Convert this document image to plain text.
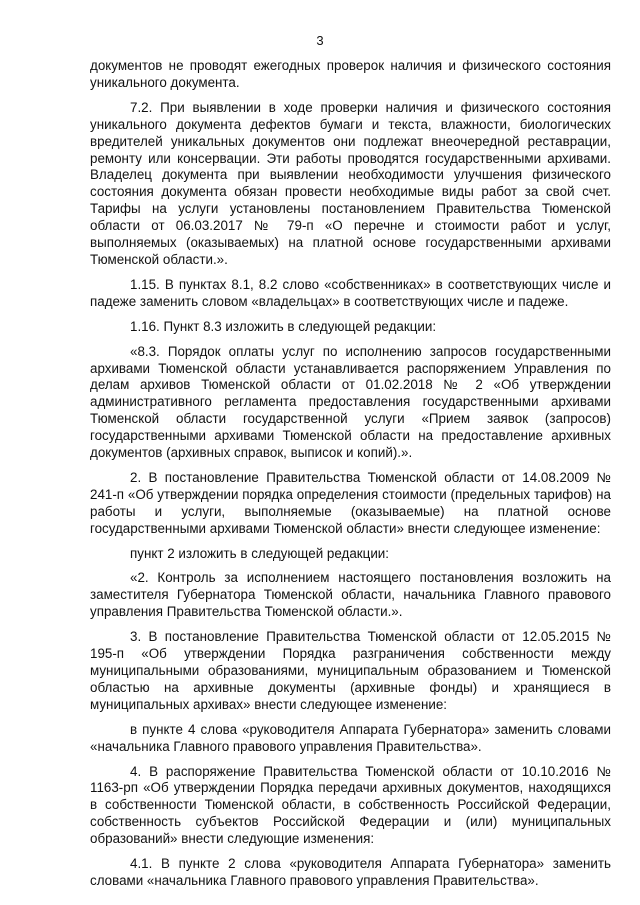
3

документов не проводят ежегодных проверок наличия и физического состояния уникального документа.

7.2. При выявлении в ходе проверки наличия и физического состояния уникального документа дефектов бумаги и текста, влажности, биологических вредителей уникальных документов они подлежат внеочередной реставрации, ремонту или консервации. Эти работы проводятся государственными архивами. Владелец документа при выявлении необходимости улучшения физического состояния документа обязан провести необходимые виды работ за свой счет. Тарифы на услуги установлены постановлением Правительства Тюменской области от 06.03.2017 № 79-п «О перечне и стоимости работ и услуг, выполняемых (оказываемых) на платной основе государственными архивами Тюменской области.».

1.15. В пунктах 8.1, 8.2 слово «собственниках» в соответствующих числе и падеже заменить словом «владельцах» в соответствующих числе и падеже.

1.16. Пункт 8.3 изложить в следующей редакции:

«8.3. Порядок оплаты услуг по исполнению запросов государственными архивами Тюменской области устанавливается распоряжением Управления по делам архивов Тюменской области от 01.02.2018 № 2 «Об утверждении административного регламента предоставления государственными архивами Тюменской области государственной услуги «Прием заявок (запросов) государственными архивами Тюменской области на предоставление архивных документов (архивных справок, выписок и копий).».

2. В постановление Правительства Тюменской области от 14.08.2009 № 241-п «Об утверждении порядка определения стоимости (предельных тарифов) на работы и услуги, выполняемые (оказываемые) на платной основе государственными архивами Тюменской области» внести следующее изменение:

пункт 2 изложить в следующей редакции:

«2. Контроль за исполнением настоящего постановления возложить на заместителя Губернатора Тюменской области, начальника Главного правового управления Правительства Тюменской области.».

3. В постановление Правительства Тюменской области от 12.05.2015 № 195-п «Об утверждении Порядка разграничения собственности между муниципальными образованиями, муниципальным образованием и Тюменской областью на архивные документы (архивные фонды) и хранящиеся в муниципальных архивах» внести следующее изменение:

в пункте 4 слова «руководителя Аппарата Губернатора» заменить словами «начальника Главного правового управления Правительства».

4. В распоряжение Правительства Тюменской области от 10.10.2016 № 1163-рп «Об утверждении Порядка передачи архивных документов, находящихся в собственности Тюменской области, в собственность Российской Федерации, собственность субъектов Российской Федерации и (или) муниципальных образований» внести следующие изменения:

4.1. В пункте 2 слова «руководителя Аппарата Губернатора» заменить словами «начальника Главного правового управления Правительства».
